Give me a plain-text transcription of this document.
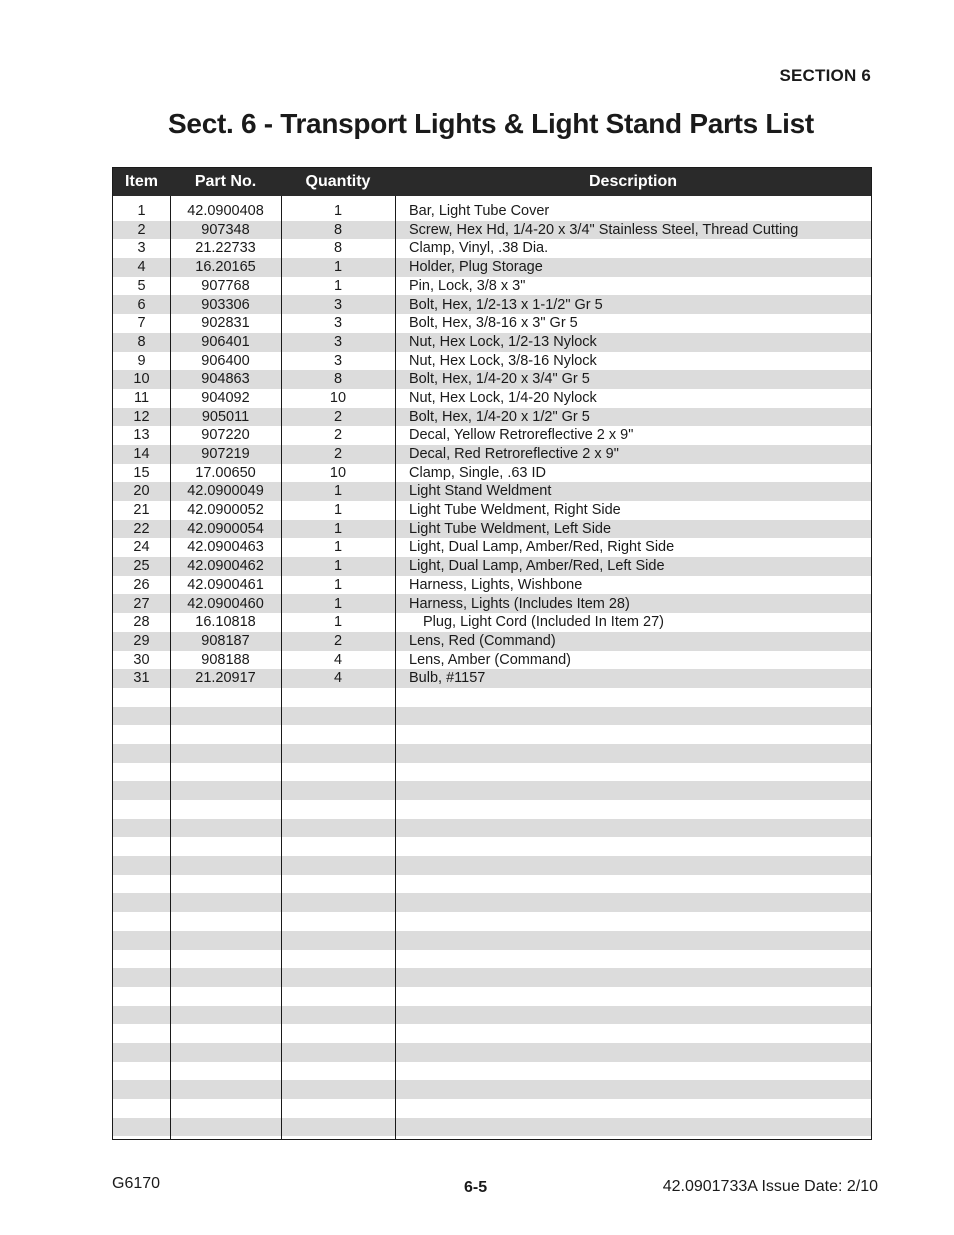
SECTION 6
Sect. 6 - Transport Lights & Light Stand Parts List
Item	Part No.	Quantity	Description
1	42.0900408	1	Bar, Light Tube Cover
2	907348	8	Screw, Hex Hd, 1/4-20 x 3/4" Stainless Steel, Thread Cutting
3	21.22733	8	Clamp, Vinyl, .38 Dia.
4	16.20165	1	Holder, Plug Storage
5	907768	1	Pin, Lock, 3/8 x 3"
6	903306	3	Bolt, Hex, 1/2-13 x 1-1/2" Gr 5
7	902831	3	Bolt, Hex, 3/8-16 x 3" Gr 5
8	906401	3	Nut, Hex Lock, 1/2-13 Nylock
9	906400	3	Nut, Hex Lock, 3/8-16 Nylock
10	904863	8	Bolt, Hex, 1/4-20 x 3/4" Gr 5
11	904092	10	Nut, Hex Lock, 1/4-20 Nylock
12	905011	2	Bolt, Hex, 1/4-20 x 1/2" Gr 5
13	907220	2	Decal, Yellow Retroreflective 2 x 9"
14	907219	2	Decal, Red Retroreflective 2 x 9"
15	17.00650	10	Clamp, Single, .63 ID
20	42.0900049	1	Light Stand Weldment
21	42.0900052	1	Light Tube Weldment, Right Side
22	42.0900054	1	Light Tube Weldment, Left Side
24	42.0900463	1	Light, Dual Lamp, Amber/Red, Right Side
25	42.0900462	1	Light, Dual Lamp, Amber/Red, Left Side
26	42.0900461	1	Harness, Lights, Wishbone
27	42.0900460	1	Harness, Lights (Includes Item 28)
28	16.10818	1	Plug, Light Cord (Included In Item 27)
29	908187	2	Lens, Red (Command)
30	908188	4	Lens, Amber (Command)
31	21.20917	4	Bulb, #1157
G6170	6-5	42.0901733A Issue Date: 2/10
